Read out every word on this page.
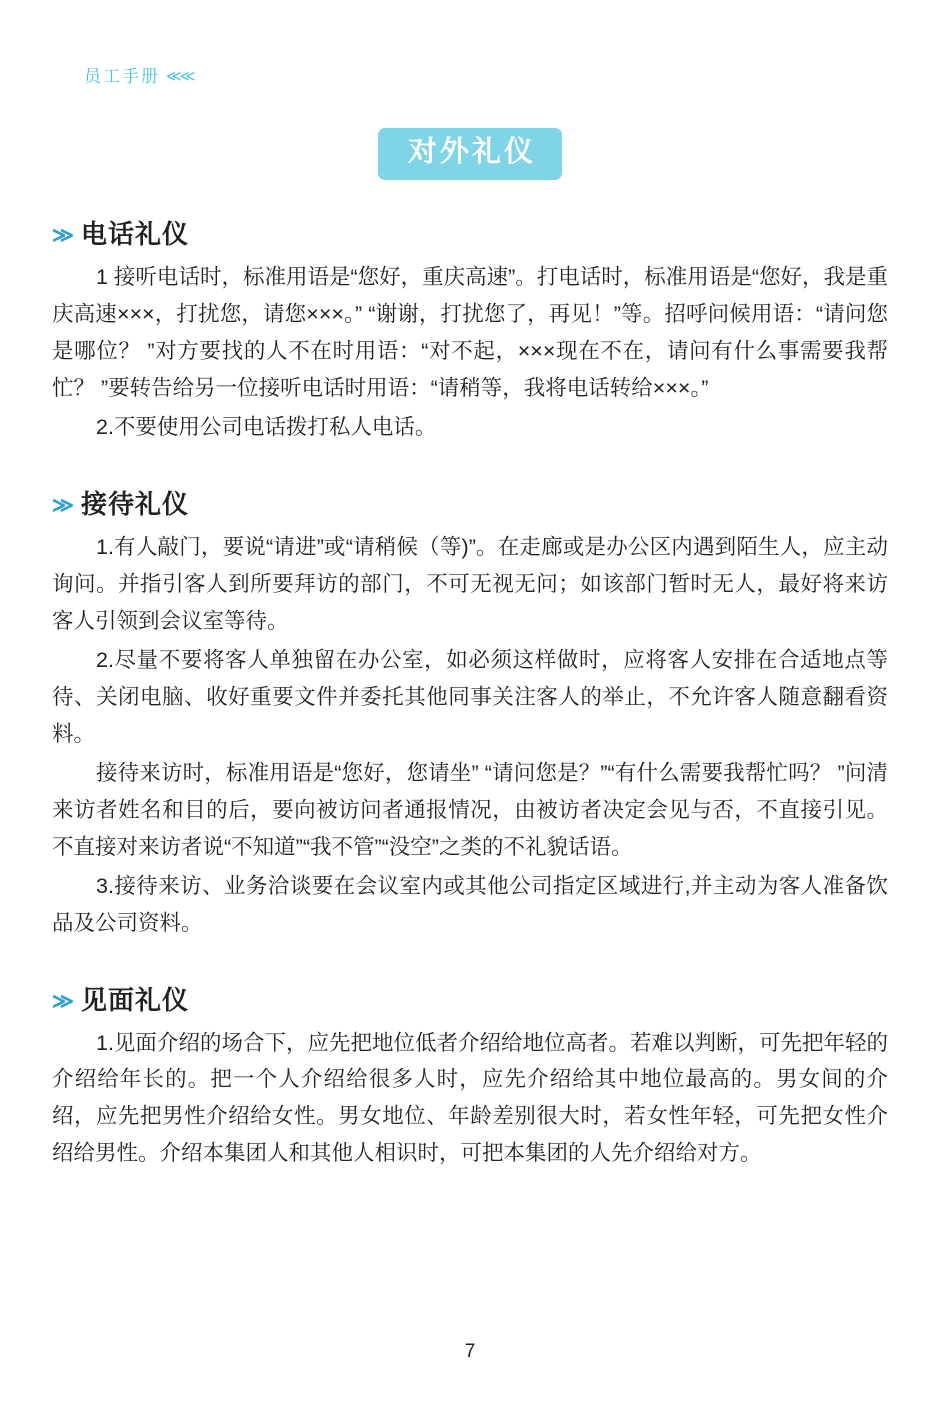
员工手册 ≪≪
对外礼仪
≫ 电话礼仪

1 接听电话时，标准用语是“您好，重庆高速”。打电话时，标准用语是“您好，我是重庆高速×××，打扰您，请您×××。” “谢谢，打扰您了，再见！”等。招呼问候用语：“请问您是哪位？ ”对方要找的人不在时用语：“对不起，×××现在不在，请问有什么事需要我帮忙？ ”要转告给另一位接听电话时用语：“请稍等，我将电话转给×××。”

2.不要使用公司电话拨打私人电话。

≫ 接待礼仪

1.有人敲门，要说“请进”或“请稍候（等)”。在走廊或是办公区内遇到陌生人，应主动询问。并指引客人到所要拜访的部门，不可无视无问；如该部门暂时无人，最好将来访客人引领到会议室等待。

2.尽量不要将客人单独留在办公室，如必须这样做时，应将客人安排在合适地点等待、关闭电脑、收好重要文件并委托其他同事关注客人的举止，不允许客人随意翻看资料。

接待来访时，标准用语是“您好，您请坐” “请问您是？”“有什么需要我帮忙吗？ ”问清来访者姓名和目的后，要向被访问者通报情况，由被访者决定会见与否，不直接引见。不直接对来访者说“不知道”“我不管”“没空”之类的不礼貌话语。

3.接待来访、业务洽谈要在会议室内或其他公司指定区域进行,并主动为客人准备饮品及公司资料。

≫ 见面礼仪

1.见面介绍的场合下，应先把地位低者介绍给地位高者。若难以判断，可先把年轻的介绍给年长的。把一个人介绍给很多人时，应先介绍给其中地位最高的。男女间的介绍，应先把男性介绍给女性。男女地位、年龄差别很大时，若女性年轻，可先把女性介绍给男性。介绍本集团人和其他人相识时，可把本集团的人先介绍给对方。

7
